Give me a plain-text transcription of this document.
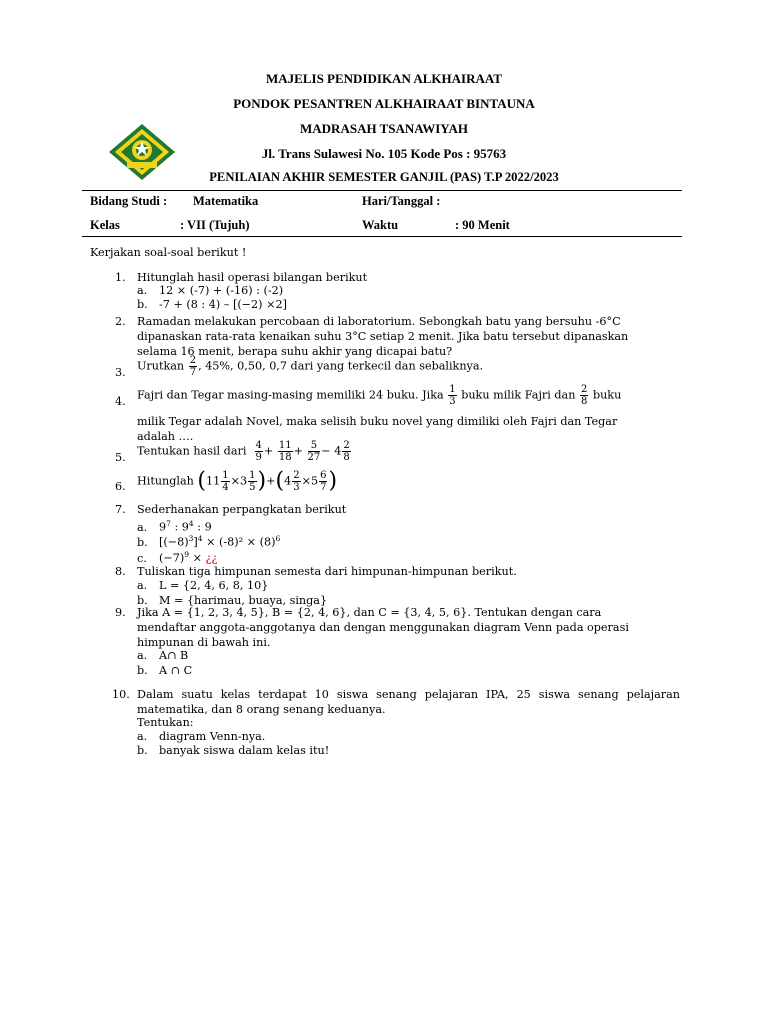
MAJELIS PENDIDIKAN ALKHAIRAAT
PONDOK PESANTREN ALKHAIRAAT BINTAUNA
MADRASAH TSANAWIYAH
Jl. Trans Sulawesi No. 105 Kode Pos : 95763
PENILAIAN AKHIR SEMESTER GANJIL (PAS) T.P 2022/2023
Bidang Studi : Matematika	Hari/Tanggal :
Kelas	: VII (Tujuh)	Waktu	: 90 Menit
Kerjakan soal-soal berikut !
1. Hitunglah hasil operasi bilangan berikut
a. 12 × (-7) + (-16) : (-2)
b. -7 + (8 : 4) – [(−2) ×2]
2. Ramadan melakukan percobaan di laboratorium. Sebongkah batu yang bersuhu -6°C
dipanaskan rata-rata kenaikan suhu 3°C setiap 2 menit. Jika batu tersebut dipanaskan
selama 16 menit, berapa suhu akhir yang dicapai batu?
3. Urutkan $\frac{2}{7}$ , 45%, 0,50, 0,7 dari yang terkecil dan sebaliknya.
4. Fajri dan Tegar masing-masing memiliki 24 buku. Jika $\frac{1}{3}$ buku milik Fajri dan $\frac{2}{8}$ buku
milik Tegar adalah Novel, maka selisih buku novel yang dimiliki oleh Fajri dan Tegar
adalah ….
5. Tentukan hasil dari $\frac{4}{9} + \frac{11}{18} + \frac{5}{27} - 4 \frac{2}{8}$
6. Hitunglah $(11 \frac{1}{4} \times 3 \frac{1}{5} )+(4 \frac{2}{3} \times 5 \frac{6}{7}$ )
7. Sederhanakan perpangkatan berikut
a. $9^7$ : $9^4$ : 9
b. $[(-8)^3]^4 \times (-8)^2 \times (8)^6$
c. $(-7)^9$ × ¿¿
8. Tuliskan tiga himpunan semesta dari himpunan-himpunan berikut.
a. L = {2, 4, 6, 8, 10}
b. M = {harimau, buaya, singa}
9. Jika A = {1, 2, 3, 4, 5}, B = {2, 4, 6}, dan C = {3, 4, 5, 6}. Tentukan dengan cara
mendaftar anggota-anggotanya dan dengan menggunakan diagram Venn pada operasi
himpunan di bawah ini.
a. A∩ B
b. A ∩ C
10. Dalam suatu kelas terdapat 10 siswa senang pelajaran IPA, 25 siswa senang pelajaran
matematika, dan 8 orang senang keduanya.
Tentukan:
a. diagram Venn-nya.
b. banyak siswa dalam kelas itu!
